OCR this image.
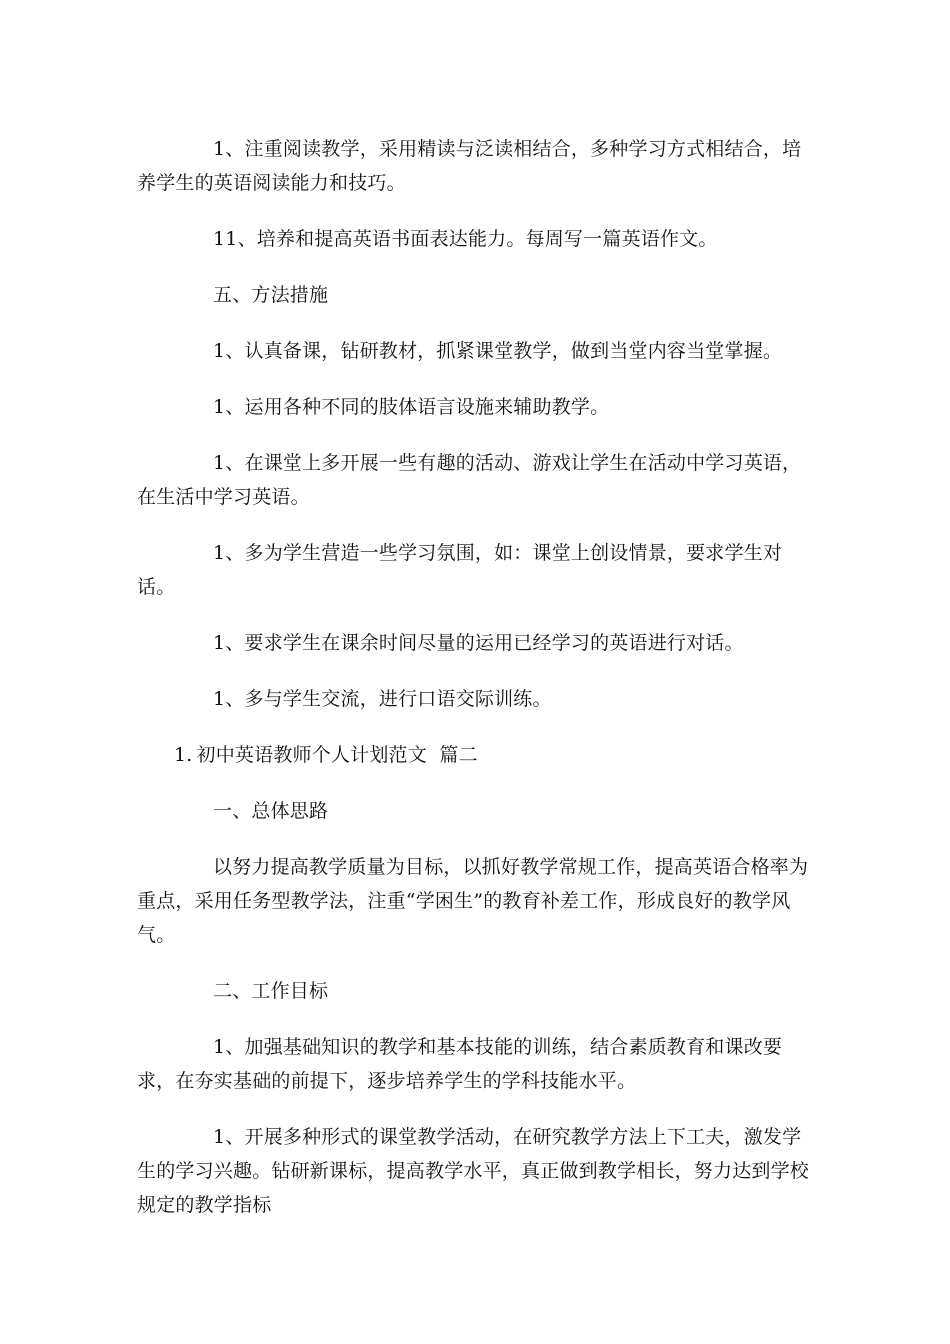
1、注重阅读教学，采用精读与泛读相结合，多种学习方式相结合，培养学生的英语阅读能力和技巧。

11、培养和提高英语书面表达能力。每周写一篇英语作文。

五、方法措施

1、认真备课，钻研教材，抓紧课堂教学，做到当堂内容当堂掌握。

1、运用各种不同的肢体语言设施来辅助教学。

1、在课堂上多开展一些有趣的活动、游戏让学生在活动中学习英语，在生活中学习英语。

1、多为学生营造一些学习氛围，如：课堂上创设情景，要求学生对话。

1、要求学生在课余时间尽量的运用已经学习的英语进行对话。

1、多与学生交流，进行口语交际训练。

1. 初中英语教师个人计划范文  篇二

一、总体思路

以努力提高教学质量为目标，以抓好教学常规工作，提高英语合格率为重点，采用任务型教学法，注重“学困生”的教育补差工作，形成良好的教学风气。

二、工作目标

1、加强基础知识的教学和基本技能的训练，结合素质教育和课改要求，在夯实基础的前提下，逐步培养学生的学科技能水平。

1、开展多种形式的课堂教学活动，在研究教学方法上下工夫，激发学生的学习兴趣。钻研新课标，提高教学水平，真正做到教学相长，努力达到学校规定的教学指标
